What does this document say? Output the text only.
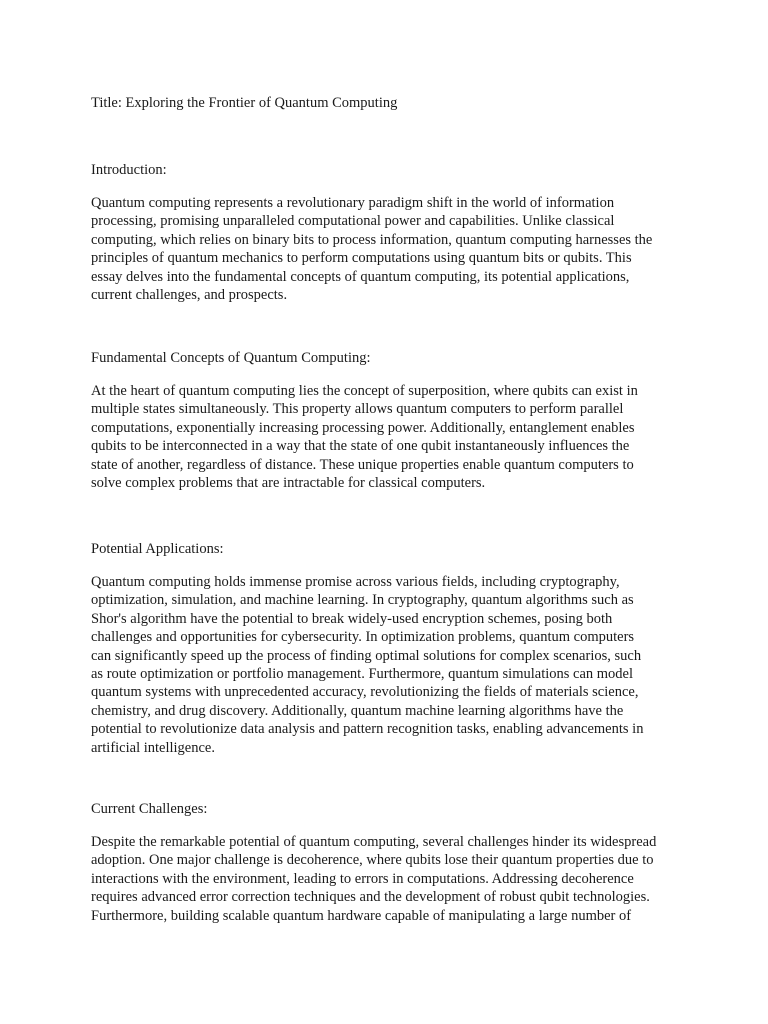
Title: Exploring the Frontier of Quantum Computing

Introduction:

Quantum computing represents a revolutionary paradigm shift in the world of information
processing, promising unparalleled computational power and capabilities. Unlike classical
computing, which relies on binary bits to process information, quantum computing harnesses the
principles of quantum mechanics to perform computations using quantum bits or qubits. This
essay delves into the fundamental concepts of quantum computing, its potential applications,
current challenges, and prospects.

Fundamental Concepts of Quantum Computing:

At the heart of quantum computing lies the concept of superposition, where qubits can exist in
multiple states simultaneously. This property allows quantum computers to perform parallel
computations, exponentially increasing processing power. Additionally, entanglement enables
qubits to be interconnected in a way that the state of one qubit instantaneously influences the
state of another, regardless of distance. These unique properties enable quantum computers to
solve complex problems that are intractable for classical computers.

Potential Applications:

Quantum computing holds immense promise across various fields, including cryptography,
optimization, simulation, and machine learning. In cryptography, quantum algorithms such as
Shor's algorithm have the potential to break widely-used encryption schemes, posing both
challenges and opportunities for cybersecurity. In optimization problems, quantum computers
can significantly speed up the process of finding optimal solutions for complex scenarios, such
as route optimization or portfolio management. Furthermore, quantum simulations can model
quantum systems with unprecedented accuracy, revolutionizing the fields of materials science,
chemistry, and drug discovery. Additionally, quantum machine learning algorithms have the
potential to revolutionize data analysis and pattern recognition tasks, enabling advancements in
artificial intelligence.

Current Challenges:

Despite the remarkable potential of quantum computing, several challenges hinder its widespread
adoption. One major challenge is decoherence, where qubits lose their quantum properties due to
interactions with the environment, leading to errors in computations. Addressing decoherence
requires advanced error correction techniques and the development of robust qubit technologies.
Furthermore, building scalable quantum hardware capable of manipulating a large number of
